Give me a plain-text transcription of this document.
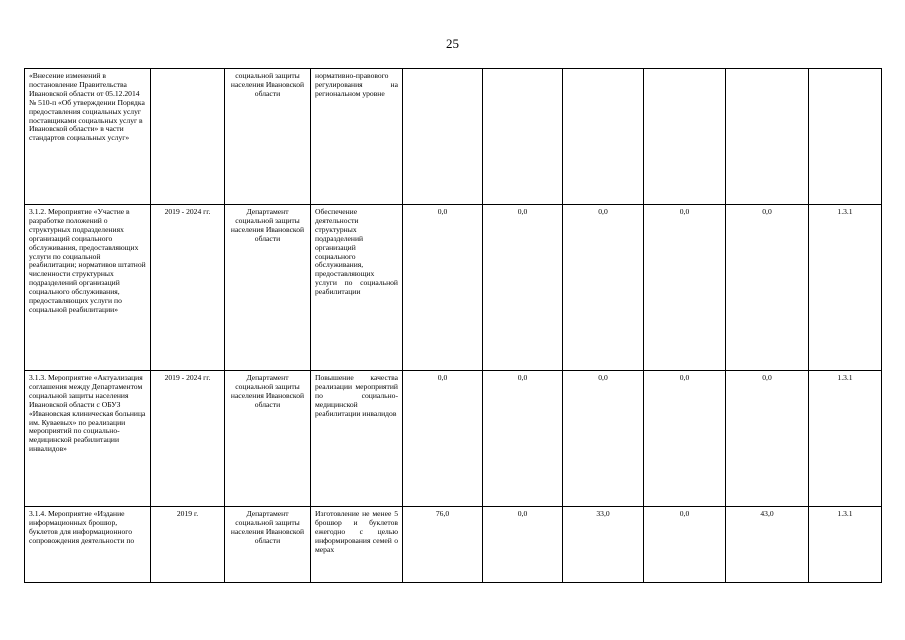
25
«Внесение изменений в постановление Правительства Ивановской области от 05.12.2014 № 510-п «Об утверждении Порядка предоставления социальных услуг поставщиками социальных услуг в Ивановской области» в части стандартов социальных услуг»		социальной защиты населения Ивановской области	нормативно-правового регулирования на региональном уровне						
3.1.2. Мероприятие «Участие в разработке положений о структурных подразделениях организаций социального обслуживания, предоставляющих услуги по социальной реабилитации; нормативов штатной численности структурных подразделений организаций социального обслуживания, предоставляющих услуги по социальной реабилитации»	2019 - 2024 гг.	Департамент социальной защиты населения Ивановской области	Обеспечение деятельности структурных подразделений организаций социального обслуживания, предоставляющих услуги по социальной реабилитации	0,0	0,0	0,0	0,0	0,0	1.3.1
3.1.3. Мероприятие «Актуализация соглашения между Департаментом социальной защиты населения Ивановской области с ОБУЗ «Ивановская клиническая больница им. Куваевых» по реализации мероприятий по социально-медицинской реабилитации инвалидов»	2019 - 2024 гг.	Департамент социальной защиты населения Ивановской области	Повышение качества реализации мероприятий по социально-медицинской реабилитации инвалидов	0,0	0,0	0,0	0,0	0,0	1.3.1
3.1.4. Мероприятие «Издание информационных брошюр, буклетов для информационного сопровождения деятельности по	2019 г.	Департамент социальной защиты населения Ивановской области	Изготовление не менее 5 брошюр и буклетов ежегодно с целью информирования семей о мерах	76,0	0,0	33,0	0,0	43,0	1.3.1
